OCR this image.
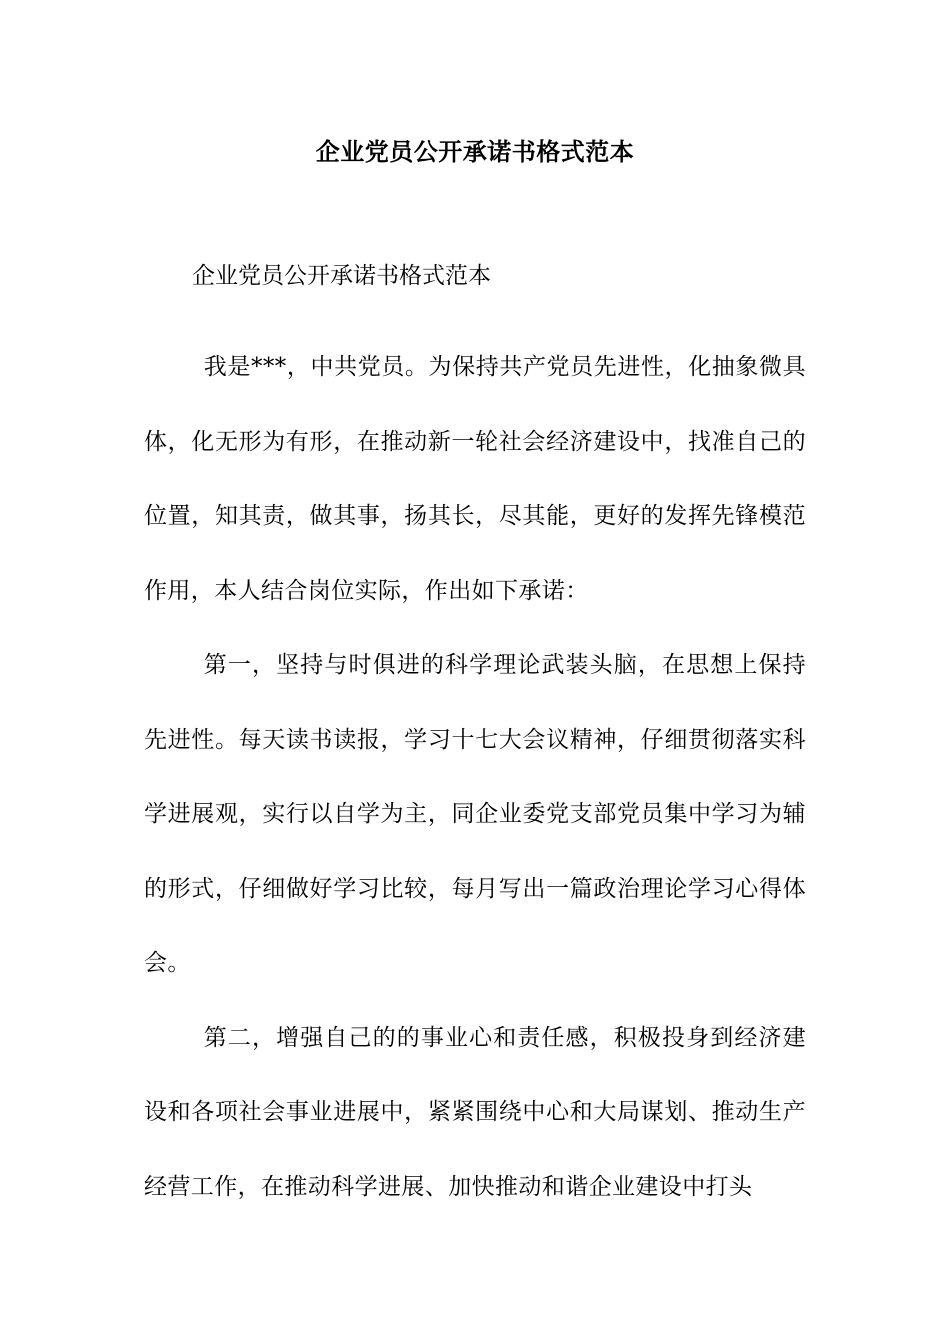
企业党员公开承诺书格式范本
企业党员公开承诺书格式范本

我是***，中共党员。为保持共产党员先进性，化抽象微具体，化无形为有形，在推动新一轮社会经济建设中，找准自己的位置，知其责，做其事，扬其长，尽其能，更好的发挥先锋模范作用，本人结合岗位实际，作出如下承诺：

第一，坚持与时俱进的科学理论武装头脑，在思想上保持先进性。每天读书读报，学习十七大会议精神，仔细贯彻落实科学进展观，实行以自学为主，同企业委党支部党员集中学习为辅的形式，仔细做好学习比较，每月写出一篇政治理论学习心得体会。

第二，增强自己的的事业心和责任感，积极投身到经济建设和各项社会事业进展中，紧紧围绕中心和大局谋划、推动生产经营工作，在推动科学进展、加快推动和谐企业建设中打头
